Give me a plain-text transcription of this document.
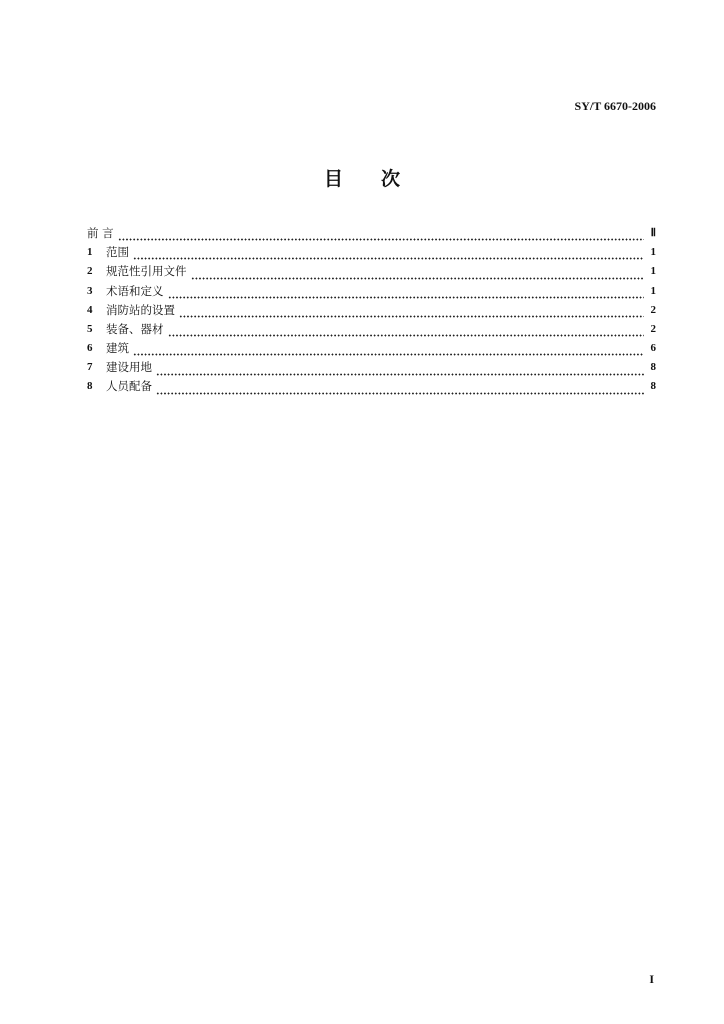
SY/T 6670-2006
目 次
前 言	Ⅱ
1	范围	1
2	规范性引用文件	1
3	术语和定义	1
4	消防站的设置	2
5	装备、器材	2
6	建筑	6
7	建设用地	8
8	人员配备	8
I
